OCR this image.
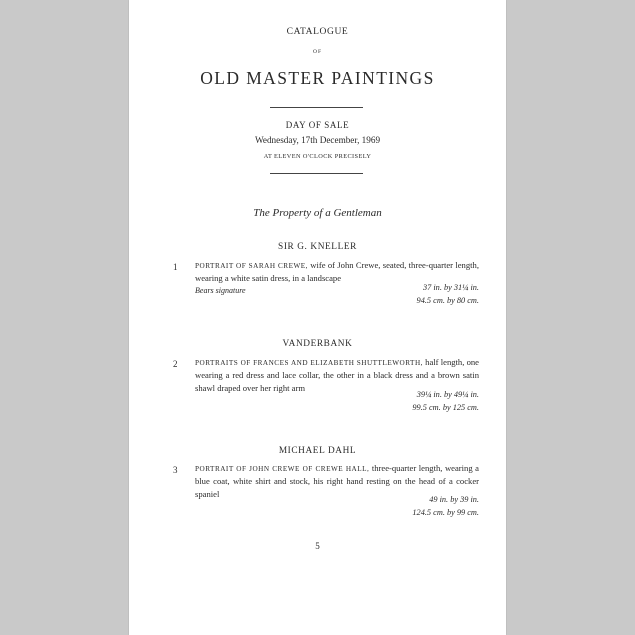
CATALOGUE
OF
OLD MASTER PAINTINGS
DAY OF SALE
Wednesday, 17th December, 1969
AT ELEVEN O'CLOCK PRECISELY
The Property of a Gentleman
SIR G. KNELLER
1 PORTRAIT OF SARAH CREWE, wife of John Crewe, seated, three-quarter length, wearing a white satin dress, in a landscape
Bears signature	37 in. by 31¼ in.
94.5 cm. by 80 cm.
VANDERBANK
2 PORTRAITS OF FRANCES AND ELIZABETH SHUTTLEWORTH, half length, one wearing a red dress and lace collar, the other in a black dress and a brown satin shawl draped over her right arm
39¼ in. by 49¼ in.
99.5 cm. by 125 cm.
MICHAEL DAHL
3 PORTRAIT OF JOHN CREWE OF CREWE HALL, three-quarter length, wearing a blue coat, white shirt and stock, his right hand resting on the head of a cocker spaniel
49 in. by 39 in.
124.5 cm. by 99 cm.
5
